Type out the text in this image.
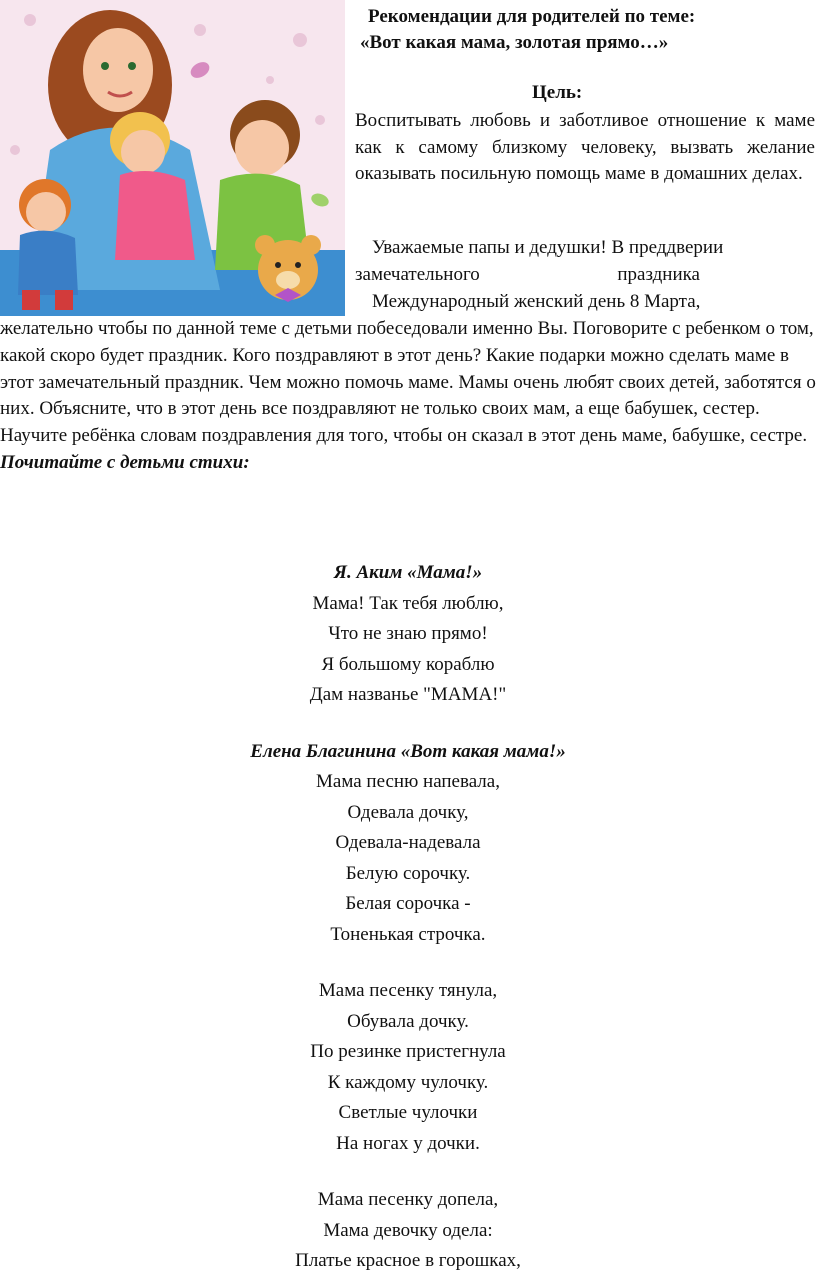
Рекомендации для родителей по теме:
«Вот какая мама, золотая прямо…»
Цель:
Воспитывать любовь и заботливое отношение к маме как к самому близкому человеку, вызвать желание оказывать посильную помощь маме в домашних делах.
Уважаемые папы и дедушки! В преддверии
замечательного	праздника
Международный женский день 8 Марта,
желательно чтобы по данной теме с детьми побеседовали именно Вы. Поговорите с ребенком о том, какой скоро будет праздник. Кого поздравляют в этот день? Какие подарки можно сделать маме в этот замечательный праздник. Чем можно помочь маме. Мамы очень любят своих детей, заботятся о них. Объясните, что в этот день все поздравляют не только своих мам, а еще бабушек, сестер. Научите ребёнка словам поздравления для того, чтобы он сказал в этот день маме, бабушке, сестре. Почитайте с детьми стихи:
Я. Аким «Мама!»
Мама! Так тебя люблю,
Что не знаю прямо!
Я большому кораблю
Дам названье "МАМА!"
Елена Благинина «Вот какая мама!»
Мама песню напевала,
Одевала дочку,
Одевала-надевала
Белую сорочку.
Белая сорочка -
Тоненькая строчка.
Мама песенку тянула,
Обувала дочку.
По резинке пристегнула
К каждому чулочку.
Светлые чулочки
На ногах у дочки.
Мама песенку допела,
Мама девочку одела:
Платье красное в горошках,
